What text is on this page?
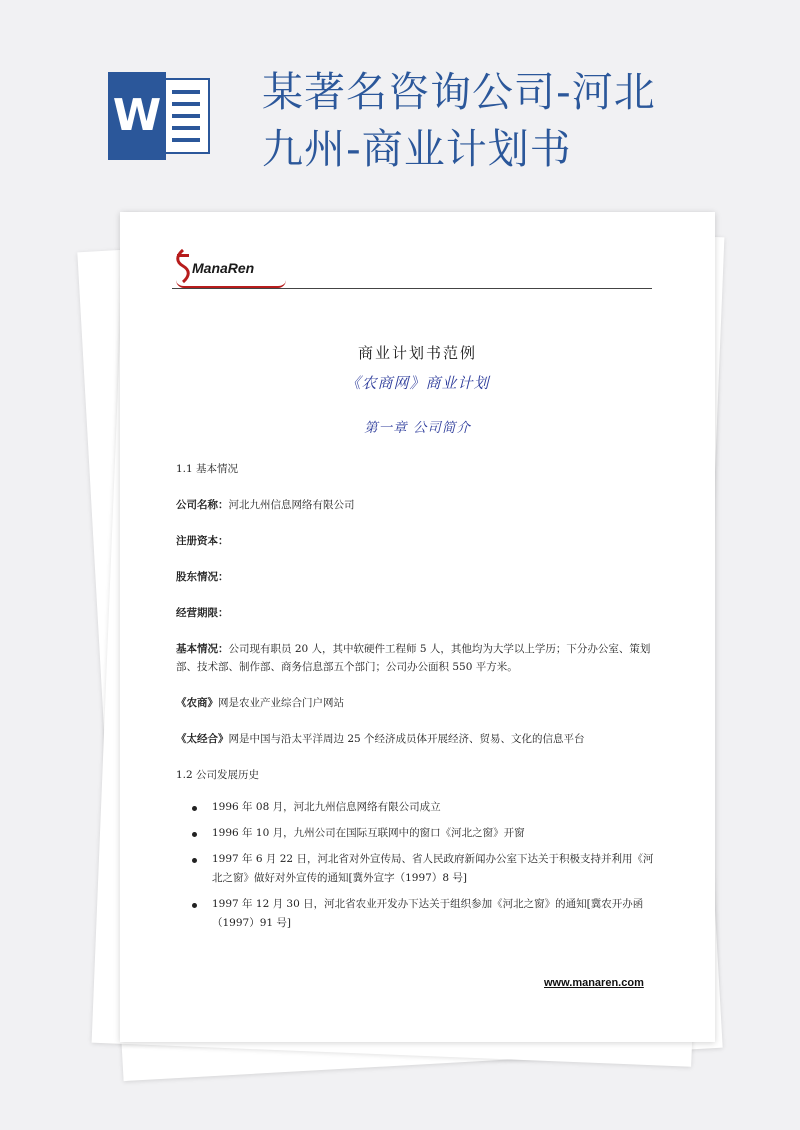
W 某著名咨询公司-河北
九州-商业计划书
ManaRen
商业计划书范例
《农商网》商业计划
第一章 公司简介

1.1 基本情况

公司名称：河北九州信息网络有限公司

注册资本：

股东情况：

经营期限：

基本情况：公司现有职员 20 人，其中软硬件工程师 5 人，其他均为大学以上学历；下分办公室、策划部、技术部、制作部、商务信息部五个部门；公司办公面积 550 平方米。

《农商》网是农业产业综合门户网站

《太经合》网是中国与沿太平洋周边 25 个经济成员体开展经济、贸易、文化的信息平台

1.2 公司发展历史

1996 年 08 月，河北九州信息网络有限公司成立
1996 年 10 月，九州公司在国际互联网中的窗口《河北之窗》开窗
1997 年 6 月 22 日，河北省对外宣传局、省人民政府新闻办公室下达关于积极支持并利用《河北之窗》做好对外宣传的通知[冀外宣字（1997）8 号]
1997 年 12 月 30 日，河北省农业开发办下达关于组织参加《河北之窗》的通知[冀农开办函（1997）91 号]
www.manaren.com
